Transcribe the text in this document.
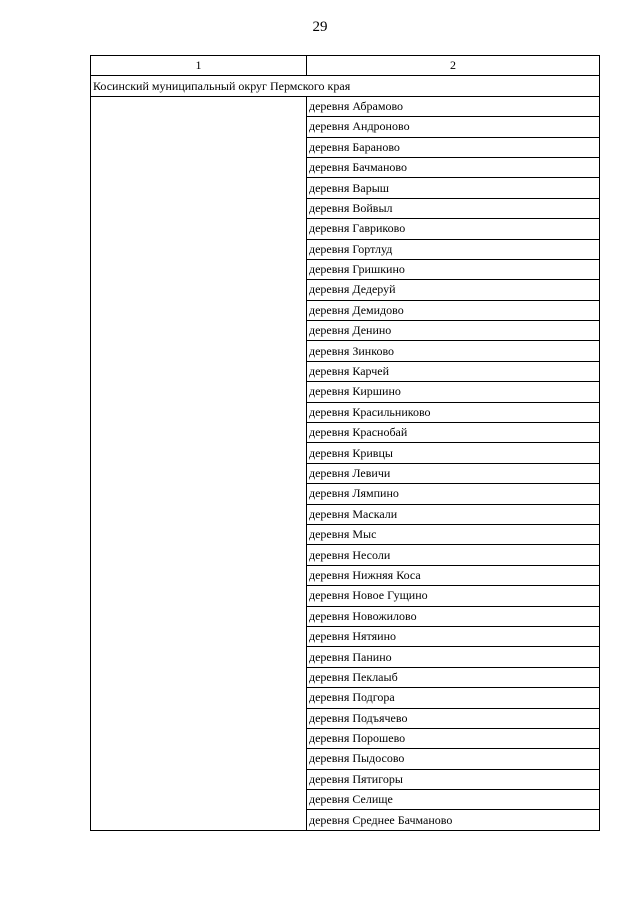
29
1	2
Косинский муниципальный округ Пермского края	
	деревня Абрамово
	деревня Андроново
	деревня Бараново
	деревня Бачманово
	деревня Варыш
	деревня Войвыл
	деревня Гавриково
	деревня Гортлуд
	деревня Гришкино
	деревня Дедеруй
	деревня Демидово
	деревня Денино
	деревня Зинково
	деревня Карчей
	деревня Киршино
	деревня Красильниково
	деревня Краснобай
	деревня Кривцы
	деревня Левичи
	деревня Лямпино
	деревня Маскали
	деревня Мыс
	деревня Несоли
	деревня Нижняя Коса
	деревня Новое Гущино
	деревня Новожилово
	деревня Нятяино
	деревня Панино
	деревня Пеклаыб
	деревня Подгора
	деревня Подъячево
	деревня Порошево
	деревня Пыдосово
	деревня Пятигоры
	деревня Селище
	деревня Среднее Бачманово
